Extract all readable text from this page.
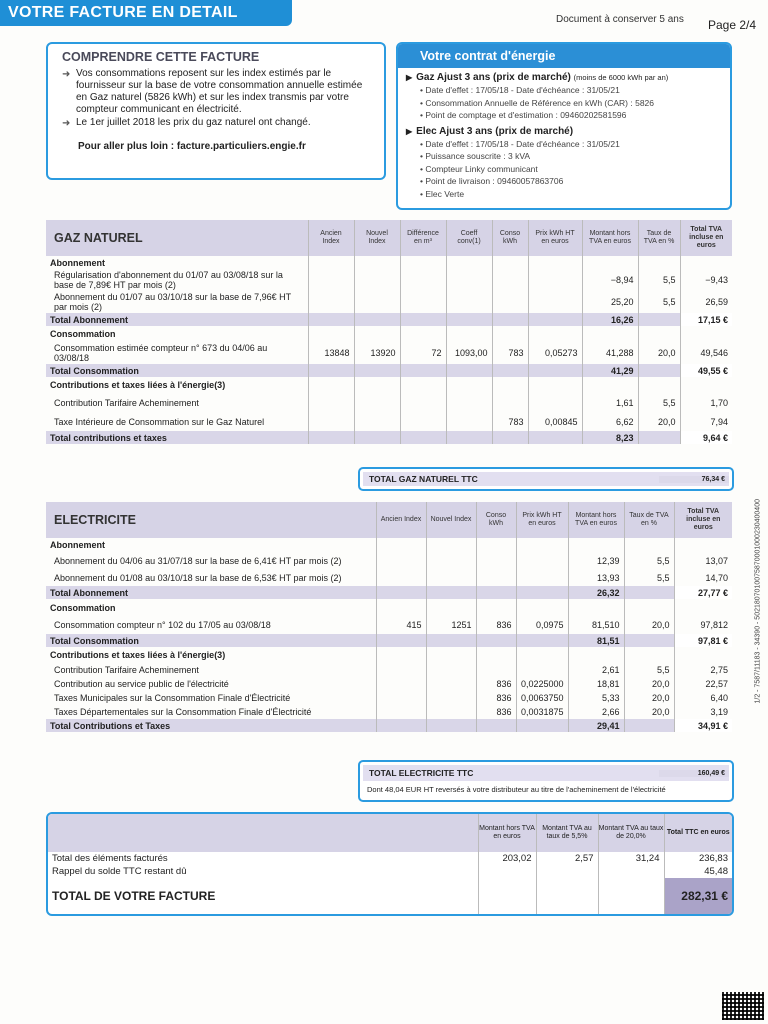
VOTRE FACTURE EN DETAIL	Document à conserver 5 ans Page 2/4
COMPRENDRE CETTE FACTURE
➜ Vos consommations reposent sur les index estimés par le fournisseur sur la base de votre consommation annuelle estimée en Gaz naturel (5826 kWh) et sur les index transmis par votre compteur communicant en électricité.
➜ Le 1er juillet 2018 les prix du gaz naturel ont changé.
Pour aller plus loin : facture.particuliers.engie.fr
Votre contrat d'énergie
▶ Gaz Ajust 3 ans (prix de marché) (moins de 6000 kWh par an)
• Date d'effet : 17/05/18 - Date d'échéance : 31/05/21
• Consommation Annuelle de Référence en kWh (CAR) : 5826
• Point de comptage et d'estimation : 09460202581596
▶ Elec Ajust 3 ans (prix de marché)
• Date d'effet : 17/05/18 - Date d'échéance : 31/05/21
• Puissance souscrite : 3 kVA
• Compteur Linky communicant
• Point de livraison : 09460057863706
• Elec Verte
GAZ NATUREL	Ancien Index	Nouvel Index	Différence en m³	Coeff conv(1)	Conso kWh	Prix kWh HT en euros	Montant hors TVA en euros	Taux de TVA en %	Total TVA incluse en euros
Abonnement									
Régularisation d'abonnement du 01/07 au 03/08/18 sur la base de 7,89€ HT par mois (2)							−8,94	5,5	−9,43
Abonnement du 01/07 au 03/10/18 sur la base de 7,96€ HT par mois (2)							25,20	5,5	26,59
Total Abonnement							16,26		17,15 €
Consommation									
Consommation estimée compteur n° 673 du 04/06 au 03/08/18	13848	13920	72	1093,00	783	0,05273	41,288	20,0	49,546
Total Consommation							41,29		49,55 €
Contributions et taxes liées à l'énergie(3)									
Contribution Tarifaire Acheminement							1,61	5,5	1,70
Taxe Intérieure de Consommation sur le Gaz Naturel					783	0,00845	6,62	20,0	7,94
Total contributions et taxes							8,23		9,64 €
TOTAL GAZ NATUREL TTC	76,34 €
ELECTRICITE	Ancien Index	Nouvel Index	Conso kWh	Prix kWh HT en euros	Montant hors TVA en euros	Taux de TVA en %	Total TVA incluse en euros
Abonnement							
Abonnement du 04/06 au 31/07/18 sur la base de 6,41€ HT par mois (2)					12,39	5,5	13,07
Abonnement du 01/08 au 03/10/18 sur la base de 6,53€ HT par mois (2)					13,93	5,5	14,70
Total Abonnement					26,32		27,77 €
Consommation							
Consommation compteur n° 102 du 17/05 au 03/08/18	415	1251	836	0,0975	81,510	20,0	97,812
Total Consommation					81,51		97,81 €
Contributions et taxes liées à l'énergie(3)							
Contribution Tarifaire Acheminement					2,61	5,5	2,75
Contribution au service public de l'électricité			836	0,0225000	18,81	20,0	22,57
Taxes Municipales sur la Consommation Finale d'Électricité			836	0,0063750	5,33	20,0	6,40
Taxes Départementales sur la Consommation Finale d'Électricité			836	0,0031875	2,66	20,0	3,19
Total Contributions et Taxes					29,41		34,91 €
TOTAL ELECTRICITE TTC	160,49 €
Dont 48,04 EUR HT reversés à votre distributeur au titre de l'acheminement de l'électricité
	Montant hors TVA en euros	Montant TVA au taux de 5,5%	Montant TVA au taux de 20,0%	Total TTC en euros
Total des éléments facturés	203,02	2,57	31,24	236,83
Rappel du solde TTC restant dû				45,48
TOTAL DE VOTRE FACTURE				282,31 €
1/2 - 7587/11183 - 34390 - 5021807010075870001000230400400
